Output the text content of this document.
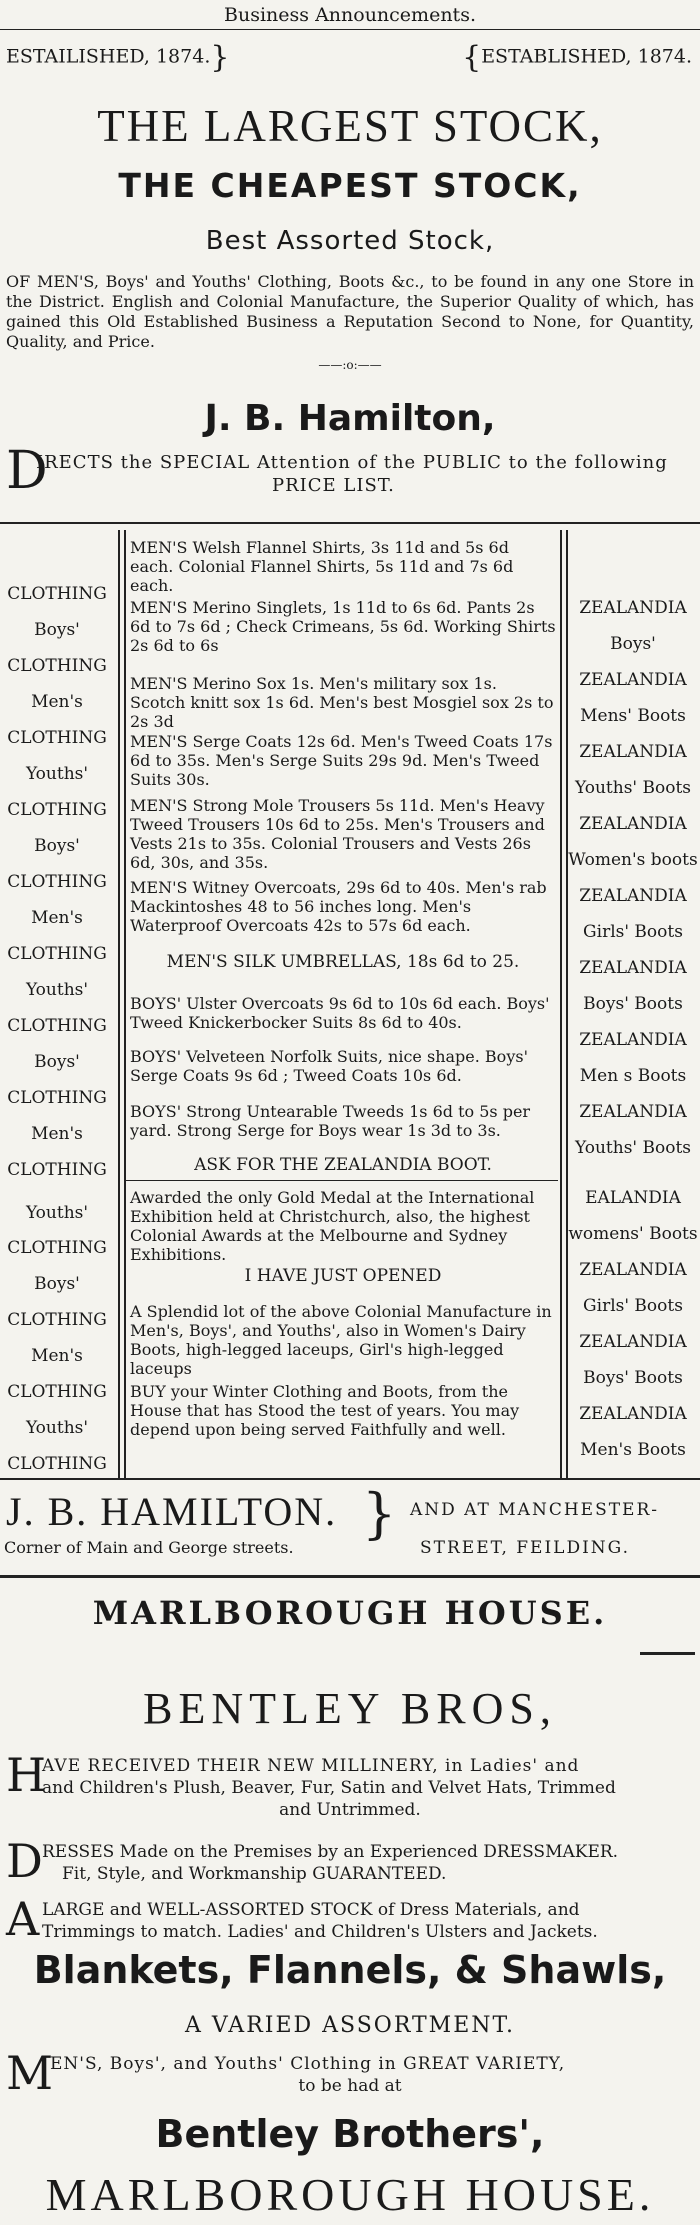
Business Announcements.
ESTAILISHED, 1874.}	{ESTABLISHED, 1874.
THE LARGEST STOCK,
THE CHEAPEST STOCK,
Best Assorted Stock,
OF MEN'S, Boys' and Youths' Clothing, Boots &c., to be found in any one Store in the District. English and Colonial Manufacture, the Superior Quality of which, has gained this Old Established Business a Reputation Second to None, for Quantity, Quality, and Price.
——:o:——
J. B. Hamilton,
D
IRECTS the SPECIAL Attention of the PUBLIC to the following
PRICE LIST.
CLOTHING
Boys'
CLOTHING
Men's
CLOTHING
Youths'
CLOTHING
Boys'
CLOTHING
Men's
CLOTHING
Youths'
CLOTHING
Boys'
CLOTHING
Men's
CLOTHING
Youths'
CLOTHING
Boys'
CLOTHING
Men's
CLOTHING
Youths'
CLOTHING
ZEALANDIA
Boys'
ZEALANDIA
Mens' Boots
ZEALANDIA
Youths' Boots
ZEALANDIA
Women's boots
ZEALANDIA
Girls' Boots
ZEALANDIA
Boys' Boots
ZEALANDIA
Men s Boots
ZEALANDIA
Youths' Boots
EALANDIA
womens' Boots
ZEALANDIA
Girls' Boots
ZEALANDIA
Boys' Boots
ZEALANDIA
Men's Boots
MEN'S Welsh Flannel Shirts, 3s 11d and 5s 6d each. Colonial Flannel Shirts, 5s 11d and 7s 6d each.
MEN'S Merino Singlets, 1s 11d to 6s 6d. Pants 2s 6d to 7s 6d ; Check Crimeans, 5s 6d. Working Shirts 2s 6d to 6s
MEN'S Merino Sox 1s. Men's military sox 1s. Scotch knitt sox 1s 6d. Men's best Mosgiel sox 2s to 2s 3d
MEN'S Serge Coats 12s 6d. Men's Tweed Coats 17s 6d to 35s. Men's Serge Suits 29s 9d. Men's Tweed Suits 30s.
MEN'S Strong Mole Trousers 5s 11d. Men's Heavy Tweed Trousers 10s 6d to 25s. Men's Trousers and Vests 21s to 35s. Colonial Trousers and Vests 26s 6d, 30s, and 35s.
MEN'S Witney Overcoats, 29s 6d to 40s. Men's rab Mackintoshes 48 to 56 inches long. Men's Waterproof Overcoats 42s to 57s 6d each.
MEN'S SILK UMBRELLAS, 18s 6d to 25.
BOYS' Ulster Overcoats 9s 6d to 10s 6d each. Boys' Tweed Knickerbocker Suits 8s 6d to 40s.
BOYS' Velveteen Norfolk Suits, nice shape. Boys' Serge Coats 9s 6d ; Tweed Coats 10s 6d.
BOYS' Strong Untearable Tweeds 1s 6d to 5s per yard. Strong Serge for Boys wear 1s 3d to 3s.
ASK FOR THE ZEALANDIA BOOT.
Awarded the only Gold Medal at the International Exhibition held at Christchurch, also, the highest Colonial Awards at the Melbourne and Sydney Exhibitions.
I HAVE JUST OPENED
A Splendid lot of the above Colonial Manufacture in Men's, Boys', and Youths', also in Women's Dairy Boots, high-legged laceups, Girl's high-legged laceups
BUY your Winter Clothing and Boots, from the House that has Stood the test of years. You may depend upon being served Faithfully and well.
J. B. HAMILTON. }
Corner of Main and George streets.
AND AT MANCHESTER-
STREET, FEILDING.
MARLBOROUGH HOUSE.
BENTLEY BROS,
H
AVE RECEIVED THEIR NEW MILLINERY, in Ladies' and
and Children's Plush, Beaver, Fur, Satin and Velvet Hats, Trimmed
and Untrimmed.
D RESSES Made on the Premises by an Experienced DRESSMAKER.
Fit, Style, and Workmanship GUARANTEED.
A LARGE and WELL-ASSORTED STOCK of Dress Materials, and
Trimmings to match. Ladies' and Children's Ulsters and Jackets.
Blankets, Flannels, & Shawls,
A VARIED ASSORTMENT.
M
EN'S, Boys', and Youths' Clothing in GREAT VARIETY,
to be had at
Bentley Brothers',
MARLBOROUGH HOUSE.
